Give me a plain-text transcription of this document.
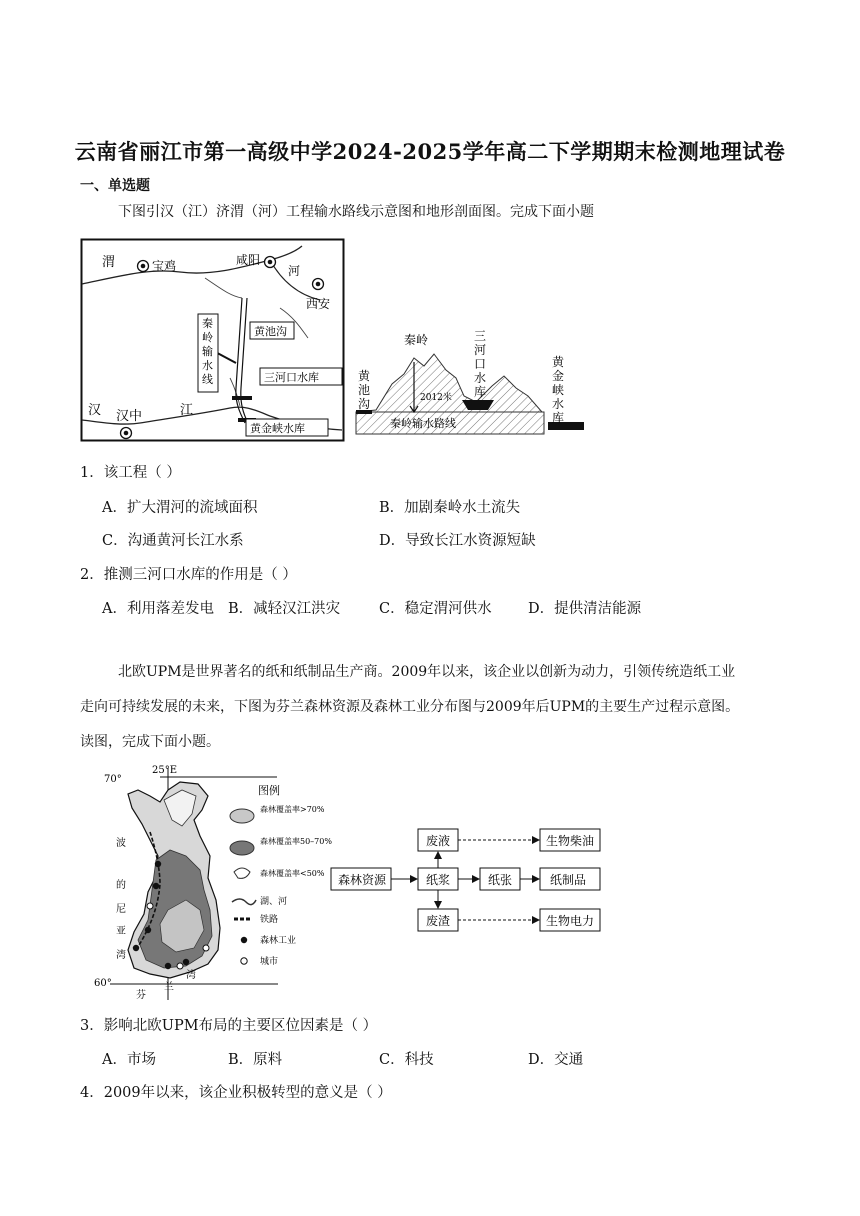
云南省丽江市第一高级中学2024-2025学年高二下学期期末检测地理试卷
一、单选题
下图引汉（江）济渭（河）工程输水路线示意图和地形剖面图。完成下面小题
渭	宝鸡	咸阳
河
西安
黄池沟
秦
岭
输
水
线	三河口水库
汉 汉中	江
黄金峡水库
黄
池
沟
秦岭	三
河
口
水
库
黄
金
峡
水
库
2012米
秦岭输水路线
1．该工程（ ）
A．扩大渭河的流域面积	B．加剧秦岭水土流失
C．沟通黄河长江水系	D．导致长江水资源短缺
2．推测三河口水库的作用是（ ）
A．利用落差发电 B．减轻汉江洪灾	C．稳定渭河供水	D．提供清洁能源
北欧UPM是世界著名的纸和纸制品生产商。2009年以来，该企业以创新为动力，引领传统造纸工业
走向可持续发展的未来，下图为芬兰森林资源及森林工业分布图与2009年后UPM的主要生产过程示意图。
读图，完成下面小题。
25°E
70°
60°
波
的
尼
亚
湾
芬
兰
湾
图例
森林覆盖率>70%
森林覆盖率50–70%
森林覆盖率<50%
湖、河
铁路
森林工业
城市
森林资源	纸浆	纸张	纸制品
废液	生物柴油
废渣	生物电力
3．影响北欧UPM布局的主要区位因素是（ ）
A．市场	B．原料	C．科技	D．交通
4．2009年以来，该企业积极转型的意义是（ ）
